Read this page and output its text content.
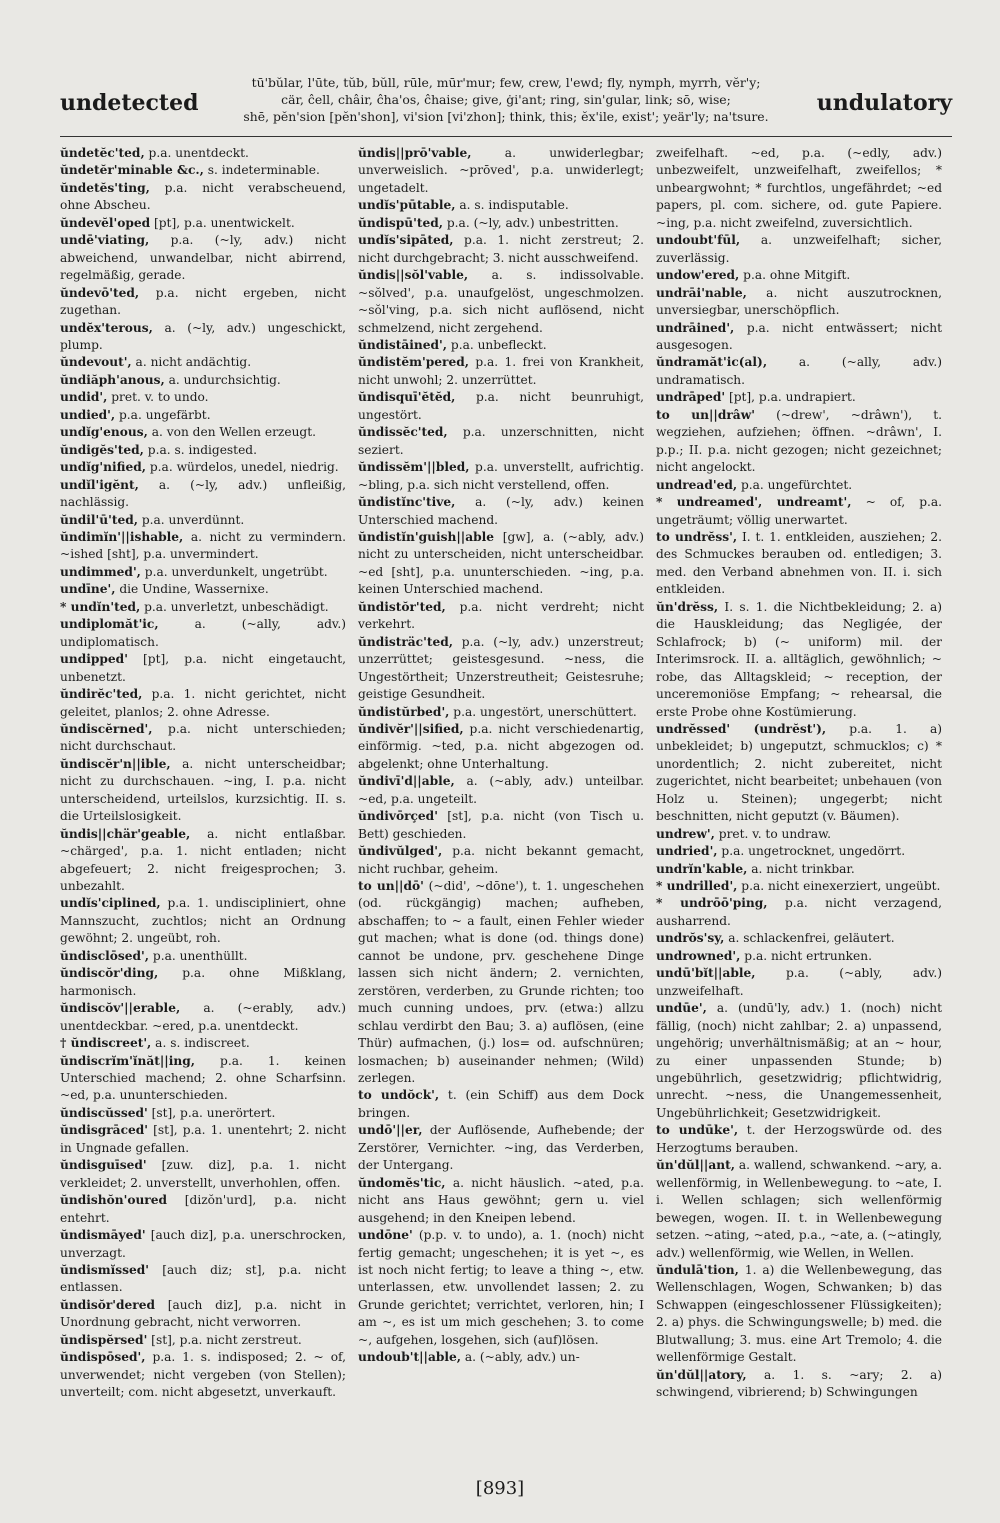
undetected
tū'bŭlar, l'ūte, tŭb, bŭll, rūle, mūr'mur; few, crew, l'ewd; fly, nymph, myrrh, vĕr'y;
cär, ĉell, châir, ĉha'os, ĉhaise; give, ġi'ant; ring, sin'gular, link; sō, wise;
shē, pĕn'sion [pĕn'shon], vi'sion [vi'zhon]; think, this; ĕx'ile, exist'; yeär'ly; na'tsure.
undulatory

ŭndetĕc'ted, p.a. unentdeckt.

ŭndetĕr'minable &c., s. indeterminable.

ŭndetĕs'ting, p.a. nicht verabscheuend, ohne Abscheu.

ŭndevĕl'oped [pt], p.a. unentwickelt.

undē'viating, p.a. (~ly, adv.) nicht abweichend, unwandelbar, nicht abirrend, regelmäßig, gerade.

ŭndevō'ted, p.a. nicht ergeben, nicht zugethan.

undĕx'terous, a. (~ly, adv.) ungeschickt, plump.

ŭndevout', a. nicht andächtig.

ŭndiăph'anous, a. undurchsichtig.

undid', pret. v. to undo.

undied', p.a. ungefärbt.

undĭg'enous, a. von den Wellen erzeugt.

ŭndigĕs'ted, p.a. s. indigested.

undĭg'nified, p.a. würdelos, unedel, niedrig.

undĭl'igĕnt, a. (~ly, adv.) unfleißig, nachlässig.

ŭndil'ū'ted, p.a. unverdünnt.

ŭndimĭn'||ishable, a. nicht zu vermindern. ~ished [sht], p.a. unvermindert.

undimmed', p.a. unverdunkelt, ungetrübt.

undīne', die Undine, Wassernixe.

* undĭn'ted, p.a. unverletzt, unbeschädigt.

undiplomăt'ic, a. (~ally, adv.) undiplomatisch.

undipped' [pt], p.a. nicht eingetaucht, unbenetzt.

ŭndirĕc'ted, p.a. 1. nicht gerichtet, nicht geleitet, planlos; 2. ohne Adresse.

ŭndiscĕrned', p.a. nicht unterschieden; nicht durchschaut.

ŭndiscĕr'n||ible, a. nicht unterscheidbar; nicht zu durchschauen. ~ing, I. p.a. nicht unterscheidend, urteilslos, kurzsichtig. II. s. die Urteilslosigkeit.

ŭndis||chär'geable, a. nicht entlaßbar. ~chärged', p.a. 1. nicht entladen; nicht abgefeuert; 2. nicht freigesprochen; 3. unbezahlt.

undĭs'ciplined, p.a. 1. undiscipliniert, ohne Mannszucht, zuchtlos; nicht an Ordnung gewöhnt; 2. ungeübt, roh.

ŭndisclōsed', p.a. unenthüllt.

ŭndiscŏr'ding, p.a. ohne Mißklang, harmonisch.

ŭndiscŏv'||erable, a. (~erably, adv.) unentdeckbar. ~ered, p.a. unentdeckt.

† ŭndiscreet', a. s. indiscreet.

ŭndiscrĭm'ĭnăt||ing, p.a. 1. keinen Unterschied machend; 2. ohne Scharfsinn. ~ed, p.a. ununterschieden.

ŭndiscŭssed' [st], p.a. unerörtert.

ŭndisgrāced' [st], p.a. 1. unentehrt; 2. nicht in Ungnade gefallen.

ŭndisguīsed' [zuw. diz], p.a. 1. nicht verkleidet; 2. unverstellt, unverhohlen, offen.

ŭndishŏn'oured [dizŏn'urd], p.a. nicht entehrt.

ŭndismāyed' [auch diz], p.a. unerschrocken, unverzagt.

ŭndismĭssed' [auch diz; st], p.a. nicht entlassen.

ŭndisŏr'dered [auch diz], p.a. nicht in Unordnung gebracht, nicht verworren.

ŭndispĕrsed' [st], p.a. nicht zerstreut.

ŭndispōsed', p.a. 1. s. indisposed; 2. ~ of, unverwendet; nicht vergeben (von Stellen); unverteilt; com. nicht abgesetzt, unverkauft.

ŭndis||prō'vable, a. unwiderlegbar; unverweislich. ~prōved', p.a. unwiderlegt; ungetadelt.

undĭs'pūtable, a. s. indisputable.

ŭndispū'ted, p.a. (~ly, adv.) unbestritten.

undĭs'sipāted, p.a. 1. nicht zerstreut; 2. nicht durchgebracht; 3. nicht ausschweifend.

ŭndis||sŏl'vable, a. s. indissolvable. ~sŏlved', p.a. unaufgelöst, ungeschmolzen. ~sŏl'ving, p.a. sich nicht auflösend, nicht schmelzend, nicht zergehend.

ŭndistāined', p.a. unbefleckt.

ŭndistĕm'pered, p.a. 1. frei von Krankheit, nicht unwohl; 2. unzerrüttet.

ŭndisquī'ĕtĕd, p.a. nicht beunruhigt, ungestört.

ŭndissĕc'ted, p.a. unzerschnitten, nicht seziert.

ŭndissĕm'||bled, p.a. unverstellt, aufrichtig. ~bling, p.a. sich nicht verstellend, offen.

ŭndistĭnc'tive, a. (~ly, adv.) keinen Unterschied machend.

ŭndistĭn'guish||able [gw], a. (~ably, adv.) nicht zu unterscheiden, nicht unterscheidbar. ~ed [sht], p.a. ununterschieden. ~ing, p.a. keinen Unterschied machend.

ŭndistŏr'ted, p.a. nicht verdreht; nicht verkehrt.

ŭndisträc'ted, p.a. (~ly, adv.) unzerstreut; unzerrüttet; geistesgesund. ~ness, die Ungestörtheit; Unzerstreutheit; Geistesruhe; geistige Gesundheit.

ŭndistŭrbed', p.a. ungestört, unerschüttert.

ŭndivĕr'||sified, p.a. nicht verschiedenartig, einförmig. ~ted, p.a. nicht abgezogen od. abgelenkt; ohne Unterhaltung.

ŭndivī'd||able, a. (~ably, adv.) unteilbar. ~ed, p.a. ungeteilt.

ŭndivōrçed' [st], p.a. nicht (von Tisch u. Bett) geschieden.

ŭndivŭlged', p.a. nicht bekannt gemacht, nicht ruchbar, geheim.

to un||dō' (~did', ~dōne'), t. 1. ungeschehen (od. rückgängig) machen; aufheben, abschaffen; to ~ a fault, einen Fehler wieder gut machen; what is done (od. things done) cannot be undone, prv. geschehene Dinge lassen sich nicht ändern; 2. vernichten, zerstören, verderben, zu Grunde richten; too much cunning undoes, prv. (etwa:) allzu schlau verdirbt den Bau; 3. a) auflösen, (eine Thür) aufmachen, (j.) los= od. aufschnüren; losmachen; b) auseinander nehmen; (Wild) zerlegen.

to undŏck', t. (ein Schiff) aus dem Dock bringen.

undō'||er, der Auflösende, Aufhebende; der Zerstörer, Vernichter. ~ing, das Verderben, der Untergang.

ŭndomĕs'tic, a. nicht häuslich. ~ated, p.a. nicht ans Haus gewöhnt; gern u. viel ausgehend; in den Kneipen lebend.

undōne' (p.p. v. to undo), a. 1. (noch) nicht fertig gemacht; ungeschehen; it is yet ~, es ist noch nicht fertig; to leave a thing ~, etw. unterlassen, etw. unvollendet lassen; 2. zu Grunde gerichtet; verrichtet, verloren, hin; I am ~, es ist um mich geschehen; 3. to come ~, aufgehen, losgehen, sich (auf)lösen.

undoub't||able, a. (~ably, adv.) un-

zweifelhaft. ~ed, p.a. (~edly, adv.) unbezweifelt, unzweifelhaft, zweifellos; * unbeargwohnt; * furchtlos, ungefährdet; ~ed papers, pl. com. sichere, od. gute Papiere. ~ing, p.a. nicht zweifelnd, zuversichtlich.

undoubt'fūl, a. unzweifelhaft; sicher, zuverlässig.

undow'ered, p.a. ohne Mitgift.

undrāi'nable, a. nicht auszutrocknen, unversiegbar, unerschöpflich.

undrāined', p.a. nicht entwässert; nicht ausgesogen.

ŭndramăt'ic(al), a. (~ally, adv.) undramatisch.

undrāped' [pt], p.a. undrapiert.

to un||drâw' (~drew', ~drâwn'), t. wegziehen, aufziehen; öffnen. ~drâwn', I. p.p.; II. p.a. nicht gezogen; nicht gezeichnet; nicht angelockt.

undread'ed, p.a. ungefürchtet.

* undreamed', undreamt', ~ of, p.a. ungeträumt; völlig unerwartet.

to undrĕss', I. t. 1. entkleiden, ausziehen; 2. des Schmuckes berauben od. entledigen; 3. med. den Verband abnehmen von. II. i. sich entkleiden.

ŭn'drĕss, I. s. 1. die Nichtbekleidung; 2. a) die Hauskleidung; das Negligée, der Schlafrock; b) (~ uniform) mil. der Interimsrock. II. a. alltäglich, gewöhnlich; ~ robe, das Alltagskleid; ~ reception, der unceremoniöse Empfang; ~ rehearsal, die erste Probe ohne Kostümierung.

undrĕssed' (undrĕst'), p.a. 1. a) unbekleidet; b) ungeputzt, schmucklos; c) * unordentlich; 2. nicht zubereitet, nicht zugerichtet, nicht bearbeitet; unbehauen (von Holz u. Steinen); ungegerbt; nicht beschnitten, nicht geputzt (v. Bäumen).

undrew', pret. v. to undraw.

undried', p.a. ungetrocknet, ungedörrt.

undrĭn'kable, a. nicht trinkbar.

* undrilled', p.a. nicht einexerziert, ungeübt.

* undrōō'ping, p.a. nicht verzagend, ausharrend.

undrŏs'sy, a. schlackenfrei, geläutert.

undrowned', p.a. nicht ertrunken.

undū'bĭt||able, p.a. (~ably, adv.) unzweifelhaft.

undūe', a. (undū'ly, adv.) 1. (noch) nicht fällig, (noch) nicht zahlbar; 2. a) unpassend, ungehörig; unverhältnismäßig; at an ~ hour, zu einer unpassenden Stunde; b) ungebührlich, gesetzwidrig; pflichtwidrig, unrecht. ~ness, die Unangemessenheit, Ungebührlichkeit; Gesetzwidrigkeit.

to undūke', t. der Herzogswürde od. des Herzogtums berauben.

ŭn'dŭl||ant, a. wallend, schwankend. ~ary, a. wellenförmig, in Wellenbewegung. to ~ate, I. i. Wellen schlagen; sich wellenförmig bewegen, wogen. II. t. in Wellenbewegung setzen. ~ating, ~ated, p.a., ~ate, a. (~atingly, adv.) wellenförmig, wie Wellen, in Wellen.

ŭndulā'tion, 1. a) die Wellenbewegung, das Wellenschlagen, Wogen, Schwanken; b) das Schwappen (eingeschlossener Flüssigkeiten); 2. a) phys. die Schwingungswelle; b) med. die Blutwallung; 3. mus. eine Art Tremolo; 4. die wellenförmige Gestalt.

ŭn'dŭl||atory, a. 1. s. ~ary; 2. a) schwingend, vibrierend; b) Schwingungen

[893]
